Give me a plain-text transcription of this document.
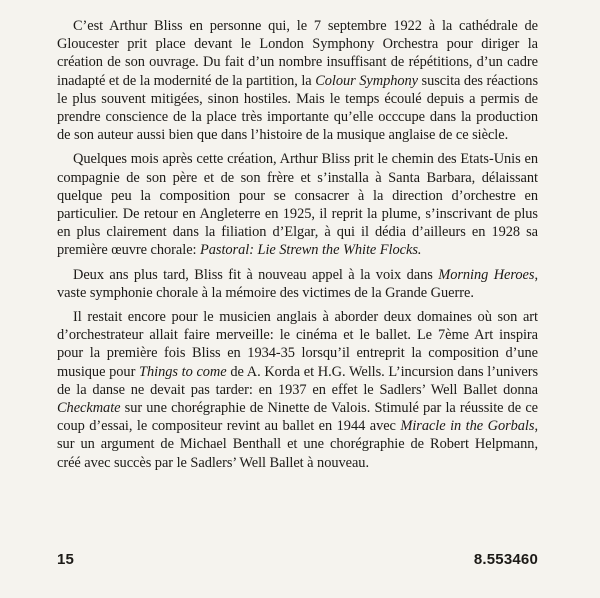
C’est Arthur Bliss en personne qui, le 7 septembre 1922 à la cathédrale de Gloucester prit place devant le London Symphony Orchestra pour diriger la création de son ouvrage. Du fait d’un nombre insuffisant de répétitions, d’un cadre inadapté et de la modernité de la partition, la Colour Symphony suscita des réactions le plus souvent mitigées, sinon hostiles. Mais le temps écoulé depuis a permis de prendre conscience de la place très importante qu’elle occcupe dans la production de son auteur aussi bien que dans l’histoire de la musique anglaise de ce siècle.

Quelques mois après cette création, Arthur Bliss prit le chemin des Etats-Unis en compagnie de son père et de son frère et s’installa à Santa Barbara, délaissant quelque peu la composition pour se consacrer à la direction d’orchestre en particulier. De retour en Angleterre en 1925, il reprit la plume, s’inscrivant de plus en plus clairement dans la filiation d’Elgar, à qui il dédia d’ailleurs en 1928 sa première œuvre chorale: Pastoral: Lie Strewn the White Flocks.

Deux ans plus tard, Bliss fit à nouveau appel à la voix dans Morning Heroes, vaste symphonie chorale à la mémoire des victimes de la Grande Guerre.

Il restait encore pour le musicien anglais à aborder deux domaines où son art d’orchestrateur allait faire merveille: le cinéma et le ballet. Le 7ème Art inspira pour la première fois Bliss en 1934-35 lorsqu’il entreprit la composition d’une musique pour Things to come de A. Korda et H.G. Wells. L’incursion dans l’univers de la danse ne devait pas tarder: en 1937 en effet le Sadlers’ Well Ballet donna Checkmate sur une chorégraphie de Ninette de Valois. Stimulé par la réussite de ce coup d’essai, le compositeur revint au ballet en 1944 avec Miracle in the Gorbals, sur un argument de Michael Benthall et une chorégraphie de Robert Helpmann, créé avec succès par le Sadlers’ Well Ballet à nouveau.

15	8.553460
